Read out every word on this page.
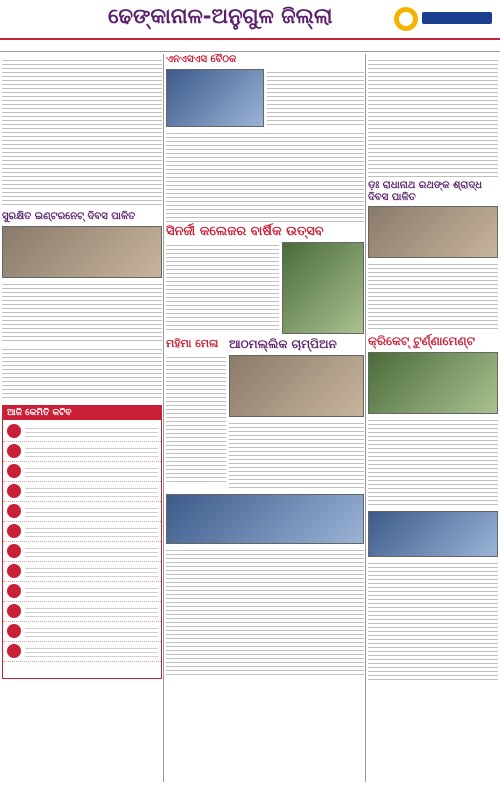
ଢେଙ୍କାନାଳ-ଅନୁଗୁଳ ଜିଲ୍ଲା
ସୁରକ୍ଷିତ ଇଣ୍ଟରନେଟ୍ ଦିବସ ପାଳିତ
ଆଜି କେମିତି କଟିବ
ଏନଏସଏସ ବୈଠକ
ସିନର୍ଜୀ କଲେଜର ବାର୍ଷିକ ଉତ୍ସବ
ମହିମା ମେଳା ଆଠମଲ୍ଲିକ ଚାମ୍ପିଅନ
ଡ଼ଃ ରାଧାନାଥ ରଥଙ୍କ ଶ୍ରାଦ୍ଧ ଦିବସ ପାଳିତ
କ୍ରିକେଟ୍ ଟୁର୍ଣ୍ଣାମେଣ୍ଟ
